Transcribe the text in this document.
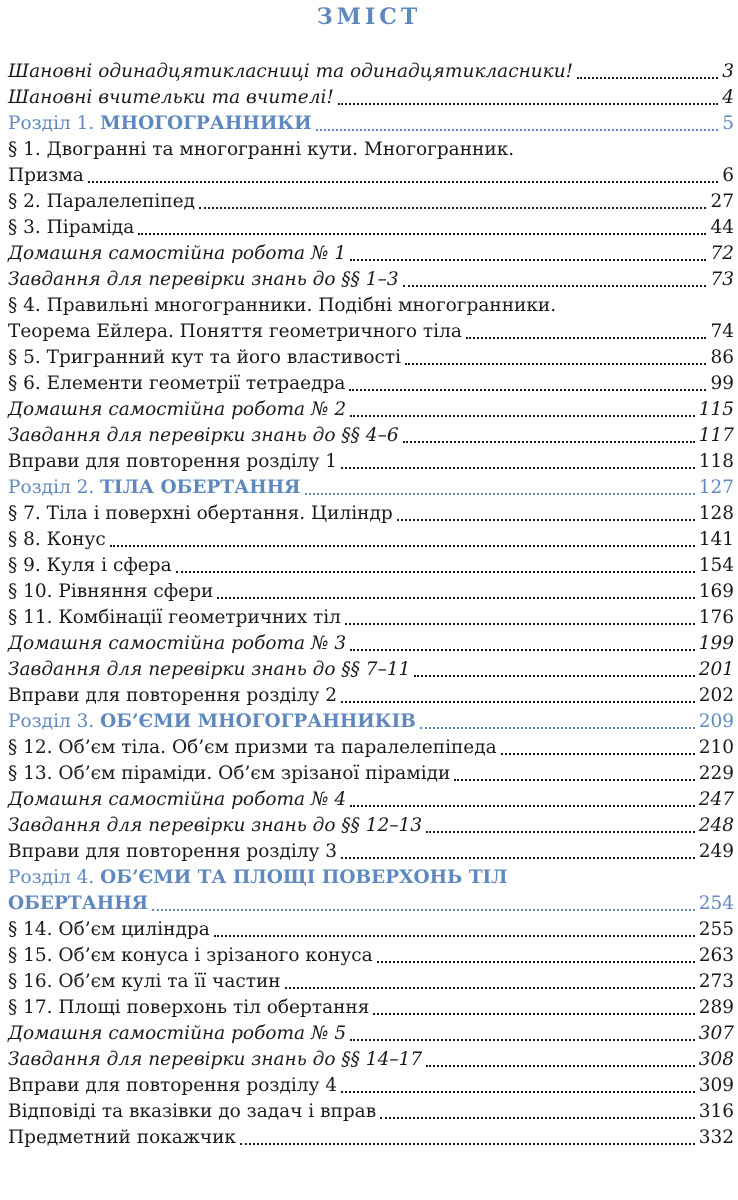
ЗМІСТ
Шановні одинадцятикласниці та одинадцятикласники!	3
Шановні вчительки та вчителі!	4
Розділ 1. МНОГОГРАННИКИ	5
§ 1. Двогранні та многогранні кути. Многогранник.
Призма	6
§ 2. Паралелепіпед	27
§ 3. Піраміда	44
Домашня самостійна робота № 1	72
Завдання для перевірки знань до §§ 1–3	73
§ 4. Правильні многогранники. Подібні многогранники.
Теорема Ейлера. Поняття геометричного тіла	74
§ 5. Тригранний кут та його властивості	86
§ 6. Елементи геометрії тетраедра	99
Домашня самостійна робота № 2	115
Завдання для перевірки знань до §§ 4–6	117
Вправи для повторення розділу 1	118
Розділ 2. ТІЛА ОБЕРТАННЯ	127
§ 7. Тіла і поверхні обертання. Циліндр	128
§ 8. Конус	141
§ 9. Куля і сфера	154
§ 10. Рівняння сфери	169
§ 11. Комбінації геометричних тіл	176
Домашня самостійна робота № 3	199
Завдання для перевірки знань до §§ 7–11	201
Вправи для повторення розділу 2	202
Розділ 3. ОБ’ЄМИ МНОГОГРАННИКІВ	209
§ 12. Об’єм тіла. Об’єм призми та паралелепіпеда	210
§ 13. Об’єм піраміди. Об’єм зрізаної піраміди	229
Домашня самостійна робота № 4	247
Завдання для перевірки знань до §§ 12–13	248
Вправи для повторення розділу 3	249
Розділ 4. ОБ’ЄМИ ТА ПЛОЩІ ПОВЕРХОНЬ ТІЛ
ОБЕРТАННЯ	254
§ 14. Об’єм циліндра	255
§ 15. Об’єм конуса і зрізаного конуса	263
§ 16. Об’єм кулі та її частин	273
§ 17. Площі поверхонь тіл обертання	289
Домашня самостійна робота № 5	307
Завдання для перевірки знань до §§ 14–17	308
Вправи для повторення розділу 4	309
Відповіді та вказівки до задач і вправ	316
Предметний покажчик	332
